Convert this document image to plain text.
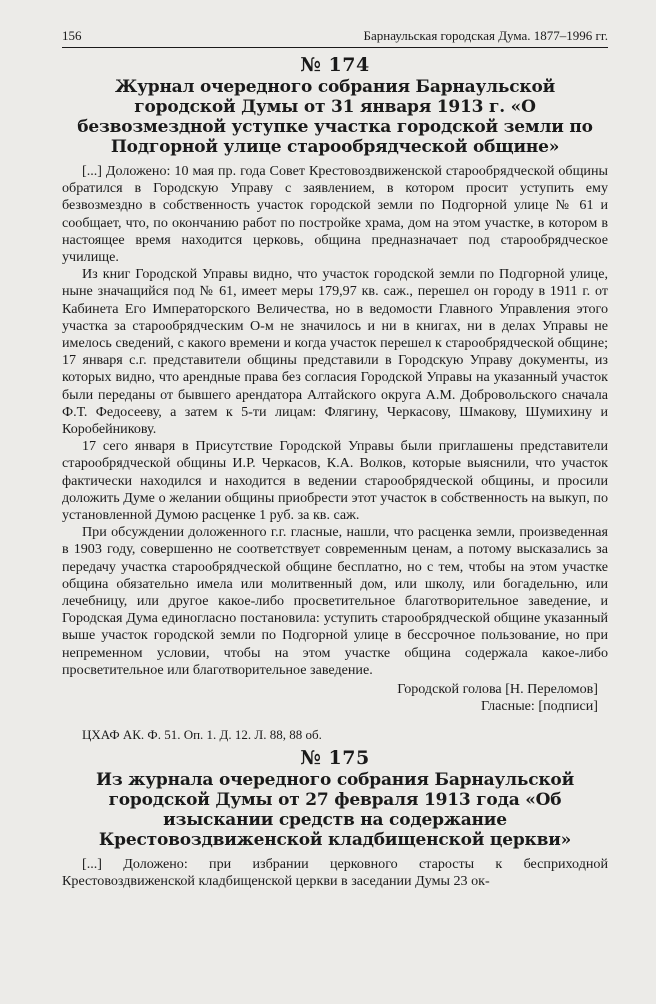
156	Барнаульская городская Дума. 1877–1996 гг.
№ 174
Журнал очередного собрания Барнаульской городской Думы от 31 января 1913 г. «О безвозмездной уступке участка городской земли по Подгорной улице старообрядческой общине»

[...] Доложено: 10 мая пр. года Совет Крестовоздвиженской старообрядческой общины обратился в Городскую Управу с заявлением, в котором просит уступить ему безвозмездно в собственность участок городской земли по Подгорной улице № 61 и сообщает, что, по окончанию работ по постройке храма, дом на этом участке, в котором в настоящее время находится церковь, община предназначает под старообрядческое училище.

Из книг Городской Управы видно, что участок городской земли по Подгорной улице, ныне значащийся под № 61, имеет меры 179,97 кв. саж., перешел он городу в 1911 г. от Кабинета Его Императорского Величества, но в ведомости Главного Управления этого участка за старообрядческим О-м не значилось и ни в книгах, ни в делах Управы не имелось сведений, с какого времени и когда участок перешел к старообрядческой общине; 17 января с.г. представители общины представили в Городскую Управу документы, из которых видно, что арендные права без согласия Городской Управы на указанный участок были переданы от бывшего арендатора Алтайского округа А.М. Добровольского сначала Ф.Т. Федосееву, а затем к 5-ти лицам: Флягину, Черкасову, Шмакову, Шумихину и Коробейникову.

17 сего января в Присутствие Городской Управы были приглашены представители старообрядческой общины И.Р. Черкасов, К.А. Волков, которые выяснили, что участок фактически находился и находится в ведении старообрядческой общины, и просили доложить Думе о желании общины приобрести этот участок в собственность на выкуп, по установленной Думою расценке 1 руб. за кв. саж.

При обсуждении доложенного г.г. гласные, нашли, что расценка земли, произведенная в 1903 году, совершенно не соответствует современным ценам, а потому высказались за передачу участка старообрядческой общине бесплатно, но с тем, чтобы на этом участке община обязательно имела или молитвенный дом, или школу, или богадельню, или лечебницу, или другое какое-либо просветительное благотворительное заведение, и Городская Дума единогласно постановила: уступить старообрядческой общине указанный выше участок городской земли по Подгорной улице в бессрочное пользование, но при непременном условии, чтобы на этом участке община содержала какое-либо просветительное или благотворительное заведение.

Городской голова [Н. Переломов]

Гласные: [подписи]

ЦХАФ АК. Ф. 51. Оп. 1. Д. 12. Л. 88, 88 об.

№ 175
Из журнала очередного собрания Барнаульской городской Думы от 27 февраля 1913 года «Об изыскании средств на содержание Крестовоздвиженской кладбищенской церкви»

[...] Доложено: при избрании церковного старосты к бесприходной Крестовоздвиженской кладбищенской церкви в заседании Думы 23 ок-
